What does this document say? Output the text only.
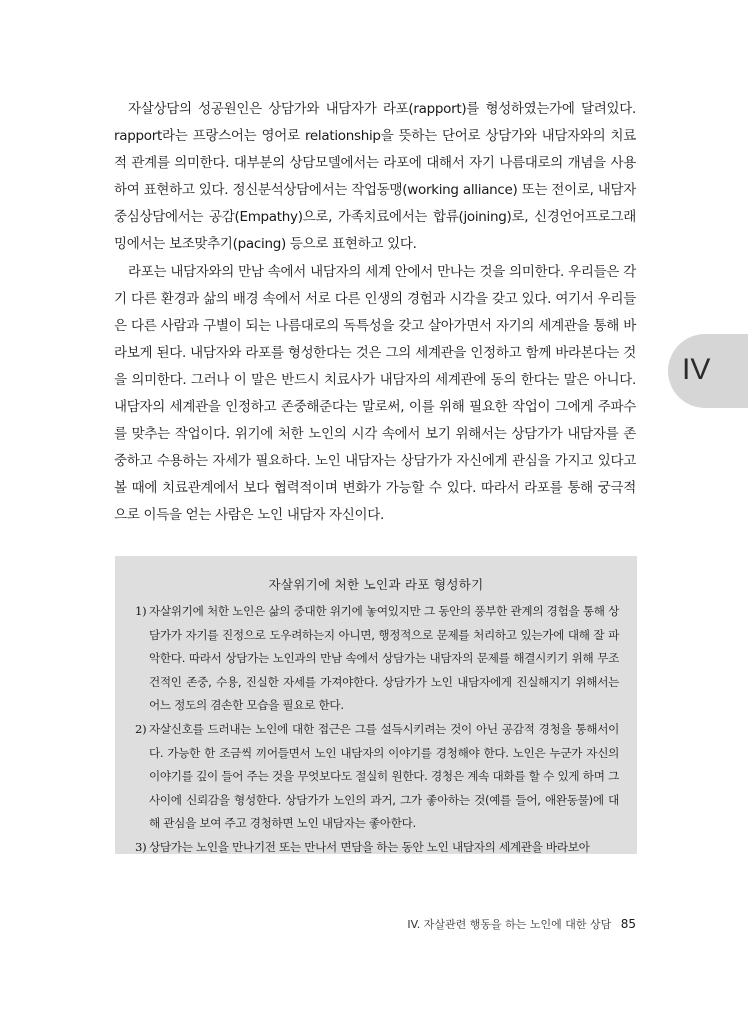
자살상담의 성공원인은 상담가와 내담자가 라포(rapport)를 형성하였는가에 달려있다. rapport라는 프랑스어는 영어로 relationship을 뜻하는 단어로 상담가와 내담자와의 치료적 관계를 의미한다. 대부분의 상담모델에서는 라포에 대해서 자기 나름대로의 개념을 사용하여 표현하고 있다. 정신분석상담에서는 작업동맹(working alliance) 또는 전이로, 내담자중심상담에서는 공감(Empathy)으로, 가족치료에서는 합류(joining)로, 신경언어프로그래밍에서는 보조맞추기(pacing) 등으로 표현하고 있다.

라포는 내담자와의 만남 속에서 내담자의 세계 안에서 만나는 것을 의미한다. 우리들은 각기 다른 환경과 삶의 배경 속에서 서로 다른 인생의 경험과 시각을 갖고 있다. 여기서 우리들은 다른 사람과 구별이 되는 나름대로의 독특성을 갖고 살아가면서 자기의 세계관을 통해 바라보게 된다. 내담자와 라포를 형성한다는 것은 그의 세계관을 인정하고 함께 바라본다는 것을 의미한다. 그러나 이 말은 반드시 치료사가 내담자의 세계관에 동의 한다는 말은 아니다. 내담자의 세계관을 인정하고 존중해준다는 말로써, 이를 위해 필요한 작업이 그에게 주파수를 맞추는 작업이다. 위기에 처한 노인의 시각 속에서 보기 위해서는 상담가가 내담자를 존중하고 수용하는 자세가 필요하다. 노인 내담자는 상담가가 자신에게 관심을 가지고 있다고 볼 때에 치료관계에서 보다 협력적이며 변화가 가능할 수 있다. 따라서 라포를 통해 궁극적으로 이득을 얻는 사람은 노인 내담자 자신이다.

IV
자살위기에 처한 노인과 라포 형성하기
1) 자살위기에 처한 노인은 삶의 중대한 위기에 놓여있지만 그 동안의 풍부한 관계의 경험을 통해 상담가가 자기를 진정으로 도우려하는지 아니면, 행정적으로 문제를 처리하고 있는가에 대해 잘 파악한다. 따라서 상담가는 노인과의 만남 속에서 상담가는 내담자의 문제를 해결시키기 위해 무조건적인 존중, 수용, 진실한 자세를 가져야한다. 상담가가 노인 내담자에게 진실해지기 위해서는 어느 정도의 겸손한 모습을 필요로 한다.
2) 자살신호를 드러내는 노인에 대한 접근은 그를 설득시키려는 것이 아닌 공감적 경청을 통해서이다. 가능한 한 조금씩 끼어들면서 노인 내담자의 이야기를 경청해야 한다. 노인은 누군가 자신의 이야기를 깊이 들어 주는 것을 무엇보다도 절실히 원한다. 경청은 계속 대화를 할 수 있게 하며 그 사이에 신뢰감을 형성한다. 상담가가 노인의 과거, 그가 좋아하는 것(예를 들어, 애완동물)에 대해 관심을 보여 주고 경청하면 노인 내담자는 좋아한다.
3) 상담가는 노인을 만나기전 또는 만나서 면담을 하는 동안 노인 내담자의 세계관을 바라보아
IV. 자살관련 행동을 하는 노인에 대한 상담 85
